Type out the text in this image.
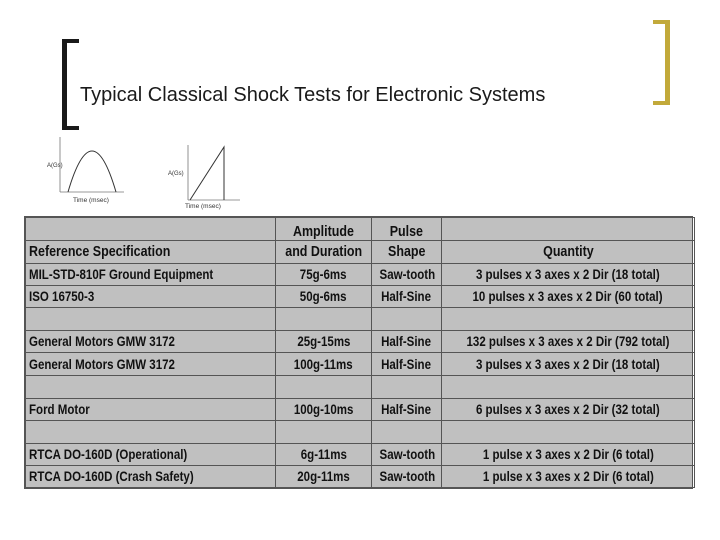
Typical Classical Shock Tests for Electronic Systems
A(Gs)
Time (msec)
A(Gs)
Time (msec)
	Amplitude	Pulse	
Reference Specification	and Duration	Shape	Quantity
MIL-STD-810F Ground Equipment	75g-6ms	Saw-tooth	3 pulses x 3 axes x 2 Dir (18 total)
ISO 16750-3	50g-6ms	Half-Sine	10 pulses x 3 axes x 2 Dir (60 total)

General Motors GMW 3172	25g-15ms	Half-Sine	132 pulses x 3 axes x 2 Dir (792 total)
General Motors GMW 3172	100g-11ms	Half-Sine	3 pulses x 3 axes x 2 Dir (18 total)

Ford Motor	100g-10ms	Half-Sine	6 pulses x 3 axes x 2 Dir (32 total)

RTCA DO-160D (Operational)	6g-11ms	Saw-tooth	1 pulse x 3 axes x 2 Dir (6 total)
RTCA DO-160D (Crash Safety)	20g-11ms	Saw-tooth	1 pulse x 3 axes x 2 Dir (6 total)
